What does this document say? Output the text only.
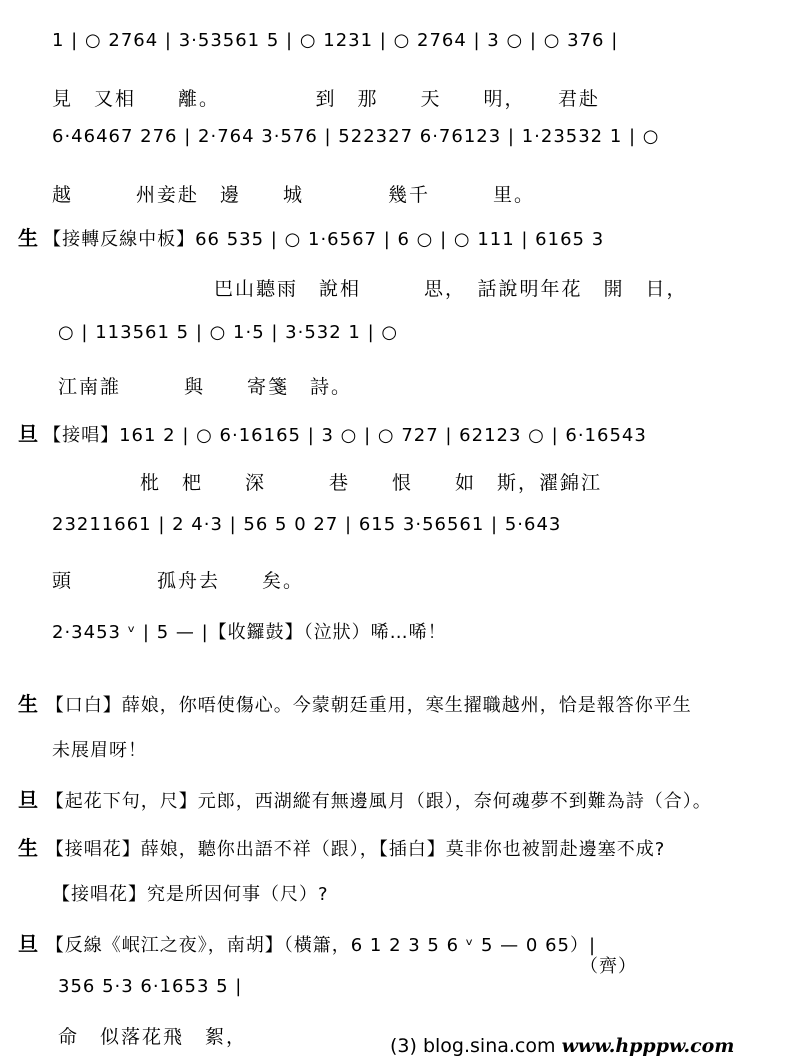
1 | ○ 2764 | 3·53561 5 | ○ 1231 | ○ 2764 | 3 ○ | ○ 376 |
見　又相　　離。　　　　　到　那　　天　　明，　　君赴
6·46467 276 | 2·764 3·576 | 522327 6·76123 | 1·23532 1 | ○
越　　　州妾赴　邊　　城　　　　幾千　　　里。
生 【接轉反線中板】66 535 | ○ 1·6567 | 6 ○ | ○ 111 | 6165 3
巴山聽雨　說相　　　思，　話說明年花　開　日，
○ | 113561 5 | ○ 1·5 | 3·532 1 | ○
江南誰　　　與　　寄箋　詩。
旦 【接唱】161 2 | ○ 6·16165 | 3 ○ | ○ 727 | 62123 ○ | 6·16543
枇　杷　　深　　　巷　　恨　　如　斯，濯錦江
23211661 | 2 4·3 | 56 5 0 27 | 615 3·56561 | 5·643
頭　　　　孤舟去　　矣。
2·3453 ᵛ | 5 — |【收鑼鼓】（泣狀）唏…唏！
生 【口白】薛娘，你唔使傷心。今蒙朝廷重用，寒生擢職越州，恰是報答你平生
未展眉呀！
旦 【起花下句，尺】元郎，西湖縱有無邊風月（跟），奈何魂夢不到難為詩（合）。
生 【接唱花】薛娘，聽你出語不祥（跟），【插白】莫非你也被罰赴邊塞不成?
【接唱花】究是所因何事（尺）?
旦 【反線《岷江之夜》，南胡】（橫簫，6 1 2 3 5 6 ᵛ 5 — 0 65）|
（齊）
356 5·3 6·1653 5 |
命　似落花飛　絮，	(3) blog.sina.com www.hpppw.com
